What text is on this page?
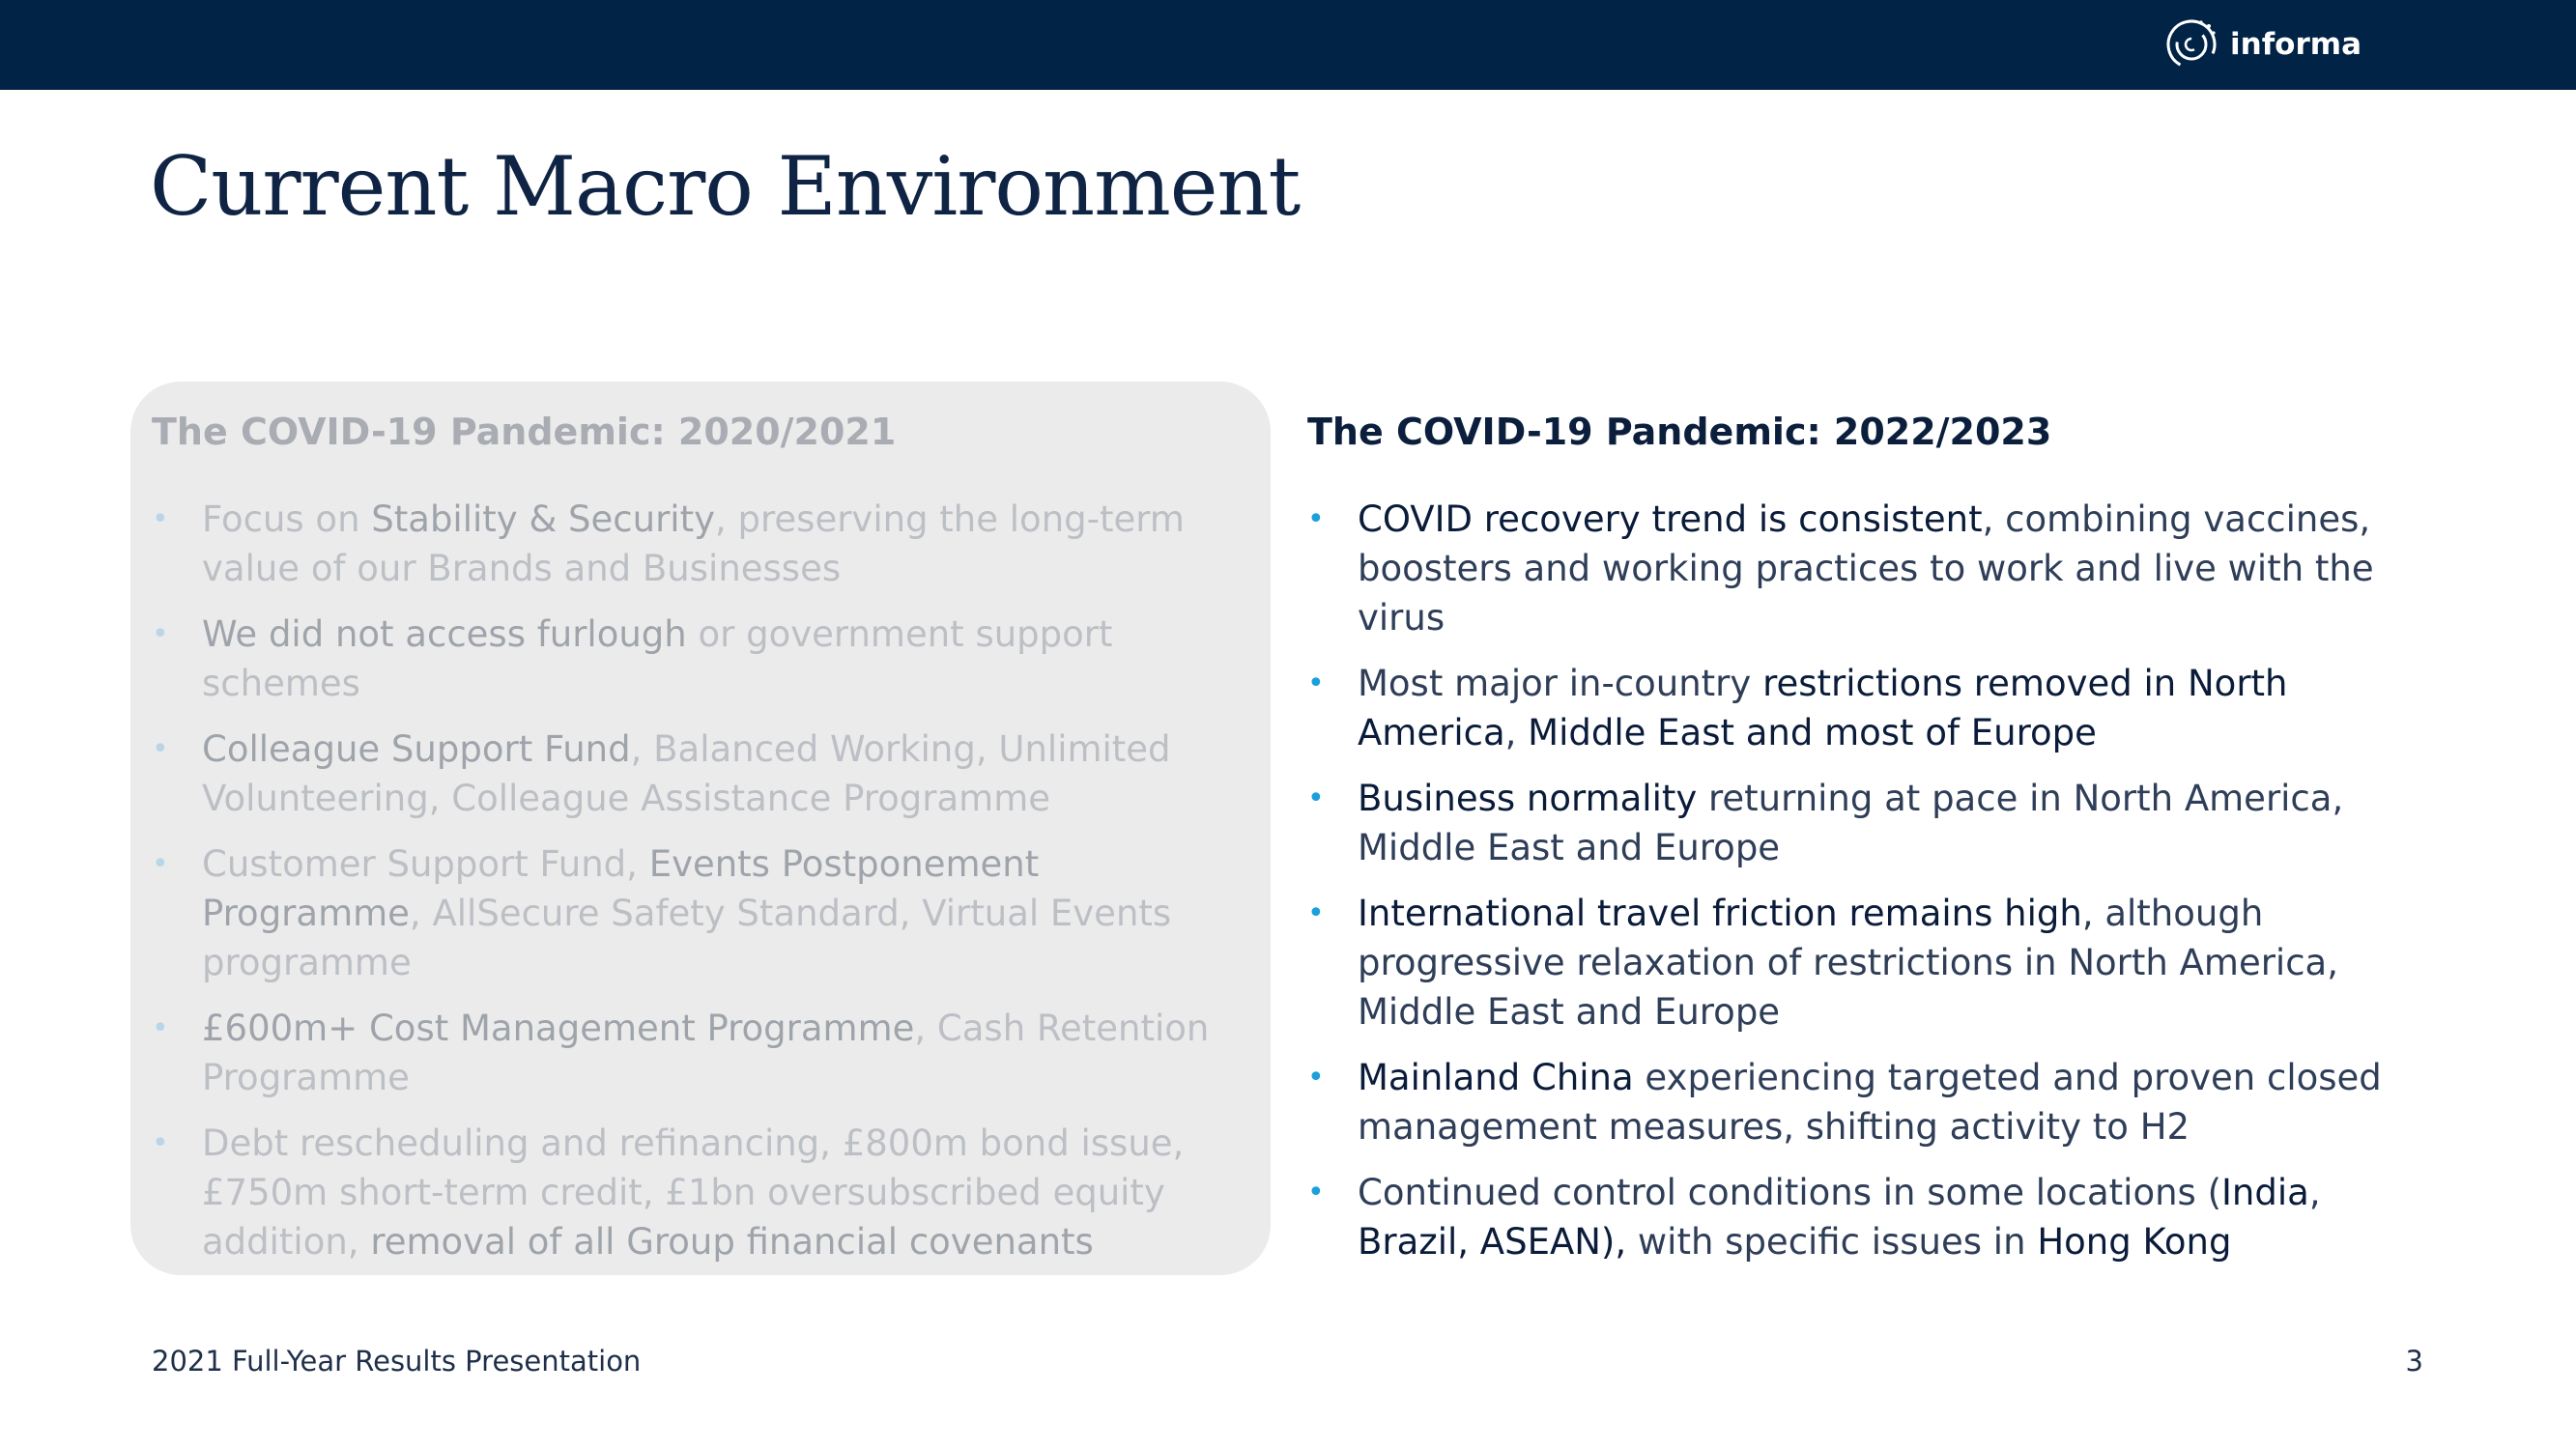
informa
Current Macro Environment
The COVID-19 Pandemic: 2020/2021
• Focus on Stability & Security, preserving the long-term value of our Brands and Businesses
• We did not access furlough or government support schemes
• Colleague Support Fund, Balanced Working, Unlimited Volunteering, Colleague Assistance Programme
• Customer Support Fund, Events Postponement Programme, AllSecure Safety Standard, Virtual Events programme
• £600m+ Cost Management Programme, Cash Retention Programme
• Debt rescheduling and refinancing, £800m bond issue, £750m short-term credit, £1bn oversubscribed equity addition, removal of all Group financial covenants
The COVID-19 Pandemic: 2022/2023
• COVID recovery trend is consistent, combining vaccines, boosters and working practices to work and live with the virus
• Most major in-country restrictions removed in North America, Middle East and most of Europe
• Business normality returning at pace in North America, Middle East and Europe
• International travel friction remains high, although progressive relaxation of restrictions in North America, Middle East and Europe
• Mainland China experiencing targeted and proven closed management measures, shifting activity to H2
• Continued control conditions in some locations (India, Brazil, ASEAN), with specific issues in Hong Kong
2021 Full-Year Results Presentation	3
